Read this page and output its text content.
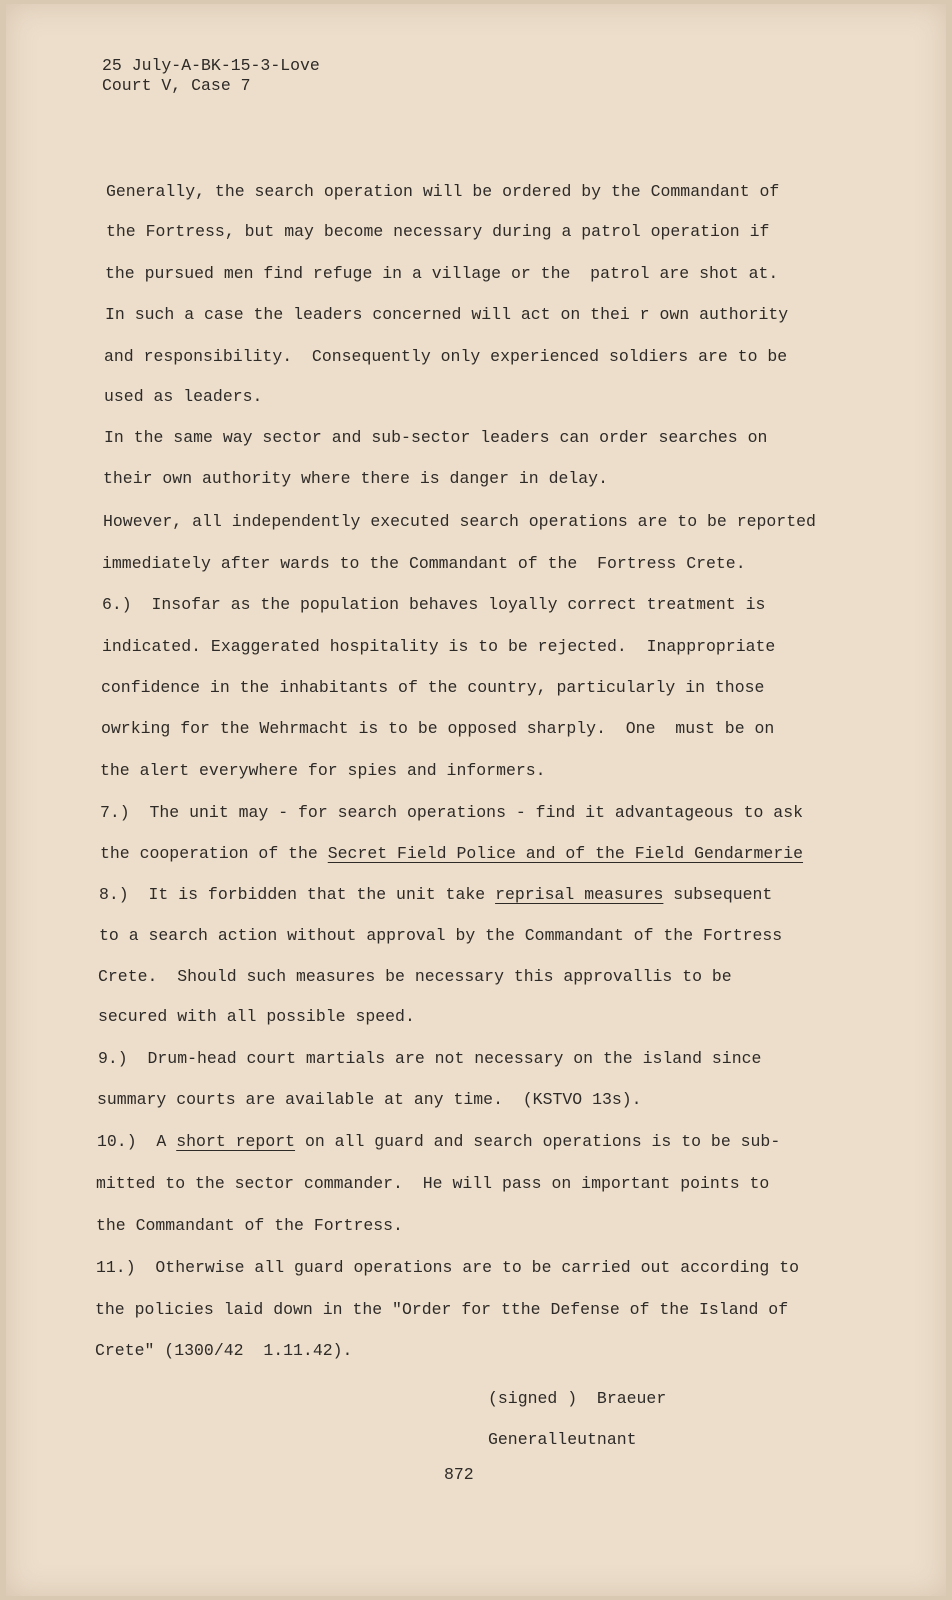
25 July-A-BK-15-3-Love
Court V, Case 7
Generally, the search operation will be ordered by the Commandant of
the Fortress, but may become necessary during a patrol operation if
the pursued men find refuge in a village or the  patrol are shot at.
In such a case the leaders concerned will act on thei r own authority
and responsibility.  Consequently only experienced soldiers are to be
used as leaders.
In the same way sector and sub-sector leaders can order searches on
their own authority where there is danger in delay.
However, all independently executed search operations are to be reported
immediately after wards to the Commandant of the  Fortress Crete.
6.)  Insofar as the population behaves loyally correct treatment is
indicated. Exaggerated hospitality is to be rejected.  Inappropriate
confidence in the inhabitants of the country, particularly in those
owrking for the Wehrmacht is to be opposed sharply.  One  must be on
the alert everywhere for spies and informers.
7.)  The unit may - for search operations - find it advantageous to ask
the cooperation of the Secret Field Police and of the Field Gendarmerie
8.)  It is forbidden that the unit take reprisal measures subsequent
to a search action without approval by the Commandant of the Fortress
Crete.  Should such measures be necessary this approvallis to be
secured with all possible speed.
9.)  Drum-head court martials are not necessary on the island since
summary courts are available at any time.  (KSTVO 13s).
10.)  A short report on all guard and search operations is to be sub-
mitted to the sector commander.  He will pass on important points to
the Commandant of the Fortress.
11.)  Otherwise all guard operations are to be carried out according to
the policies laid down in the "Order for tthe Defense of the Island of
Crete" (1300/42  1.11.42).
(signed )  Braeuer
Generalleutnant
872
